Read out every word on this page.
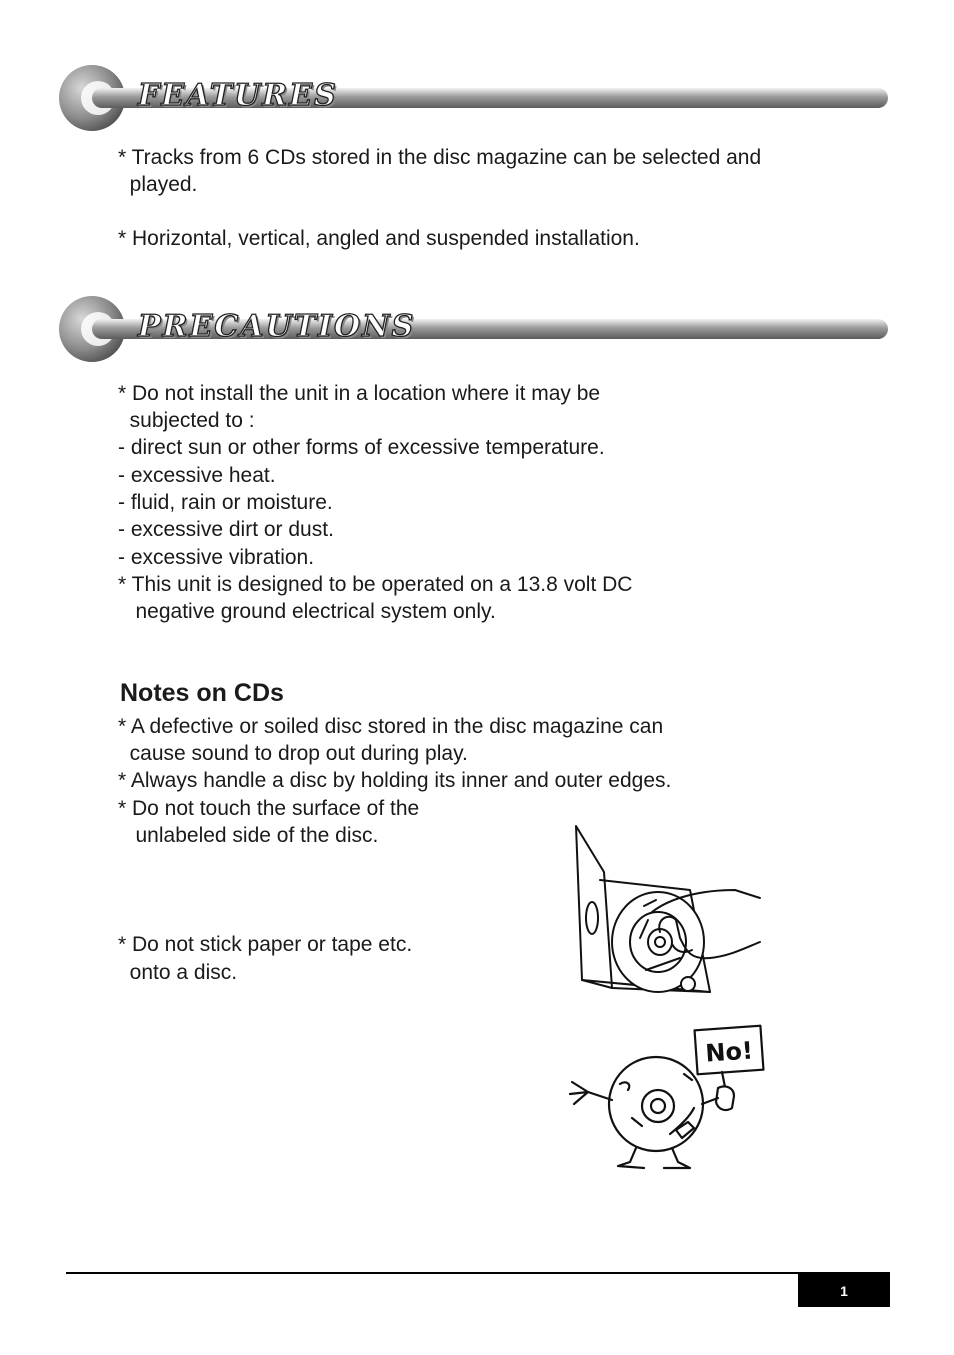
FEATURES
* Tracks from 6 CDs stored in the disc magazine can be selected and
played.
* Horizontal, vertical, angled and suspended installation.
PRECAUTIONS
* Do not install the unit in a location where it may be
subjected to :
- direct sun or other forms of excessive temperature.
- excessive heat.
- fluid, rain or moisture.
- excessive dirt or dust.
- excessive vibration.
* This unit is designed to be operated on a 13.8 volt DC
negative ground electrical system only.
Notes on CDs
* A defective or soiled disc stored in the disc magazine can
cause sound to drop out during play.
* Always handle a disc by holding its inner and outer edges.
* Do not touch the surface of the
unlabeled side of the disc.
* Do not stick paper or tape etc.
onto a disc.
No!
1
